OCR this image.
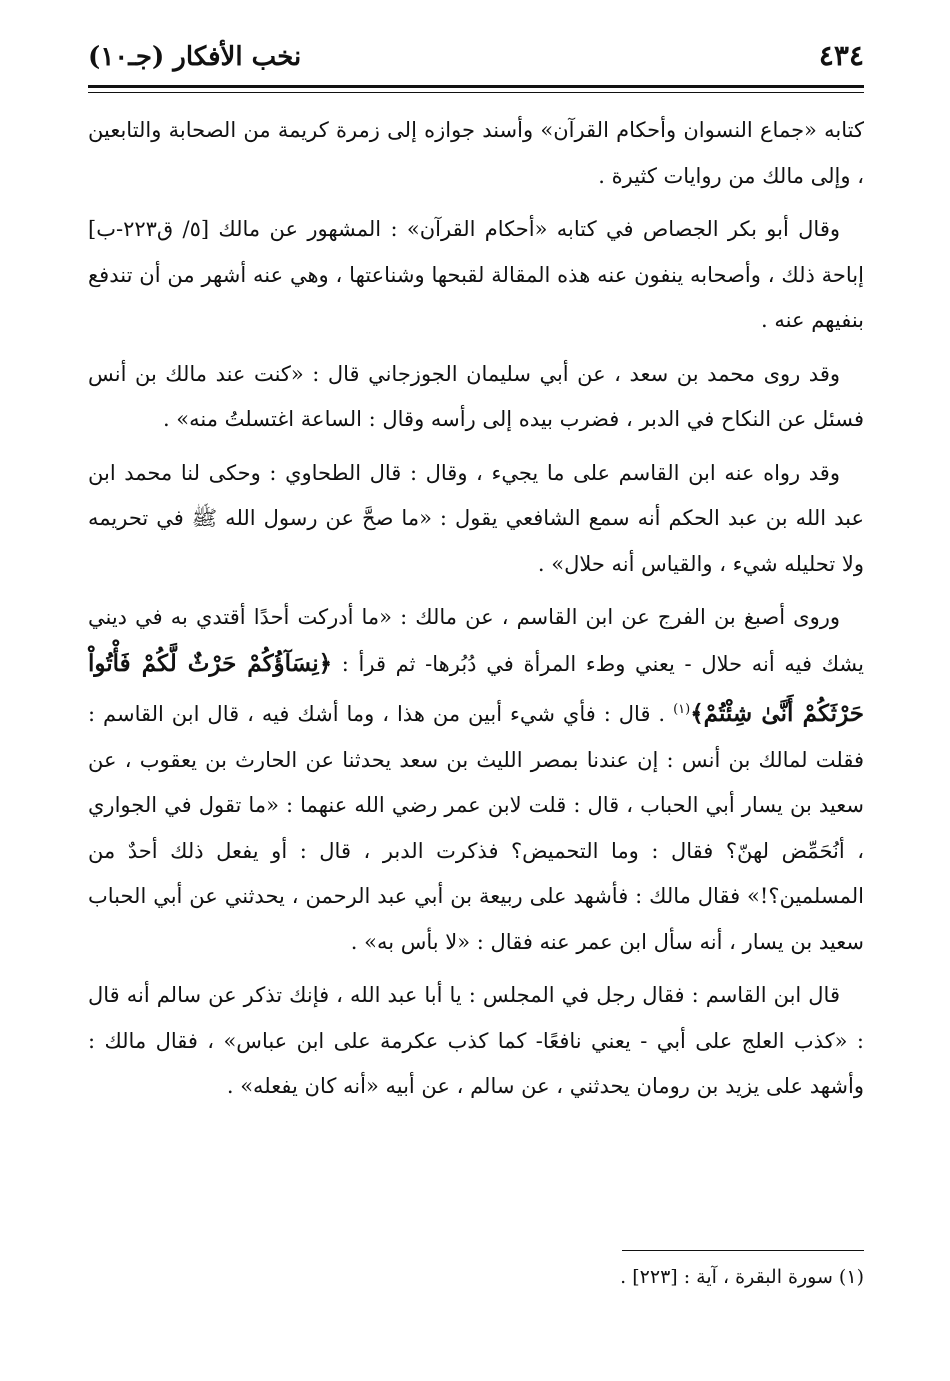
٤٣٤
نخب الأفكار (جـ١٠)

كتابه «جماع النسوان وأحكام القرآن» وأسند جوازه إلى زمرة كريمة من الصحابة والتابعين ، وإلى مالك من روايات كثيرة .

وقال أبو بكر الجصاص في كتابه «أحكام القرآن» : المشهور عن مالك [٥/ ق٢٢٣-ب] إباحة ذلك ، وأصحابه ينفون عنه هذه المقالة لقبحها وشناعتها ، وهي عنه أشهر من أن تندفع بنفيهم عنه .

وقد روى محمد بن سعد ، عن أبي سليمان الجوزجاني قال : «كنت عند مالك بن أنس فسئل عن النكاح في الدبر ، فضرب بيده إلى رأسه وقال : الساعة اغتسلتُ منه» .

وقد رواه عنه ابن القاسم على ما يجيء ، وقال : قال الطحاوي : وحكى لنا محمد ابن عبد الله بن عبد الحكم أنه سمع الشافعي يقول : «ما صحَّ عن رسول الله ﷺ في تحريمه ولا تحليله شيء ، والقياس أنه حلال» .

وروى أصبغ بن الفرج عن ابن القاسم ، عن مالك : «ما أدركت أحدًا أقتدي به في ديني يشك فيه أنه حلال - يعني وطء المرأة في دُبُرها- ثم قرأ : ﴿نِسَآؤُكُمْ حَرْثٌ لَّكُمْ فَأْتُواْ حَرْثَكُمْ أَنَّىٰ شِئْتُمْ﴾$^{(١)}$ . قال : فأي شيء أبين من هذا ، وما أشك فيه ، قال ابن القاسم : فقلت لمالك بن أنس : إن عندنا بمصر الليث بن سعد يحدثنا عن الحارث بن يعقوب ، عن سعيد بن يسار أبي الحباب ، قال : قلت لابن عمر رضي الله عنهما : «ما تقول في الجواري ، أنُحَمِّض لهنّ؟ فقال : وما التحميض؟ فذكرت الدبر ، قال : أو يفعل ذلك أحدٌ من المسلمين؟!» فقال مالك : فأشهد على ربيعة بن أبي عبد الرحمن ، يحدثني عن أبي الحباب سعيد بن يسار ، أنه سأل ابن عمر عنه فقال : «لا بأس به» .

قال ابن القاسم : فقال رجل في المجلس : يا أبا عبد الله ، فإنك تذكر عن سالم أنه قال : «كذب العلج على أبي - يعني نافعًا- كما كذب عكرمة على ابن عباس» ، فقال مالك : وأشهد على يزيد بن رومان يحدثني ، عن سالم ، عن أبيه «أنه كان يفعله» .

(١) سورة البقرة ، آية : [٢٢٣] .
